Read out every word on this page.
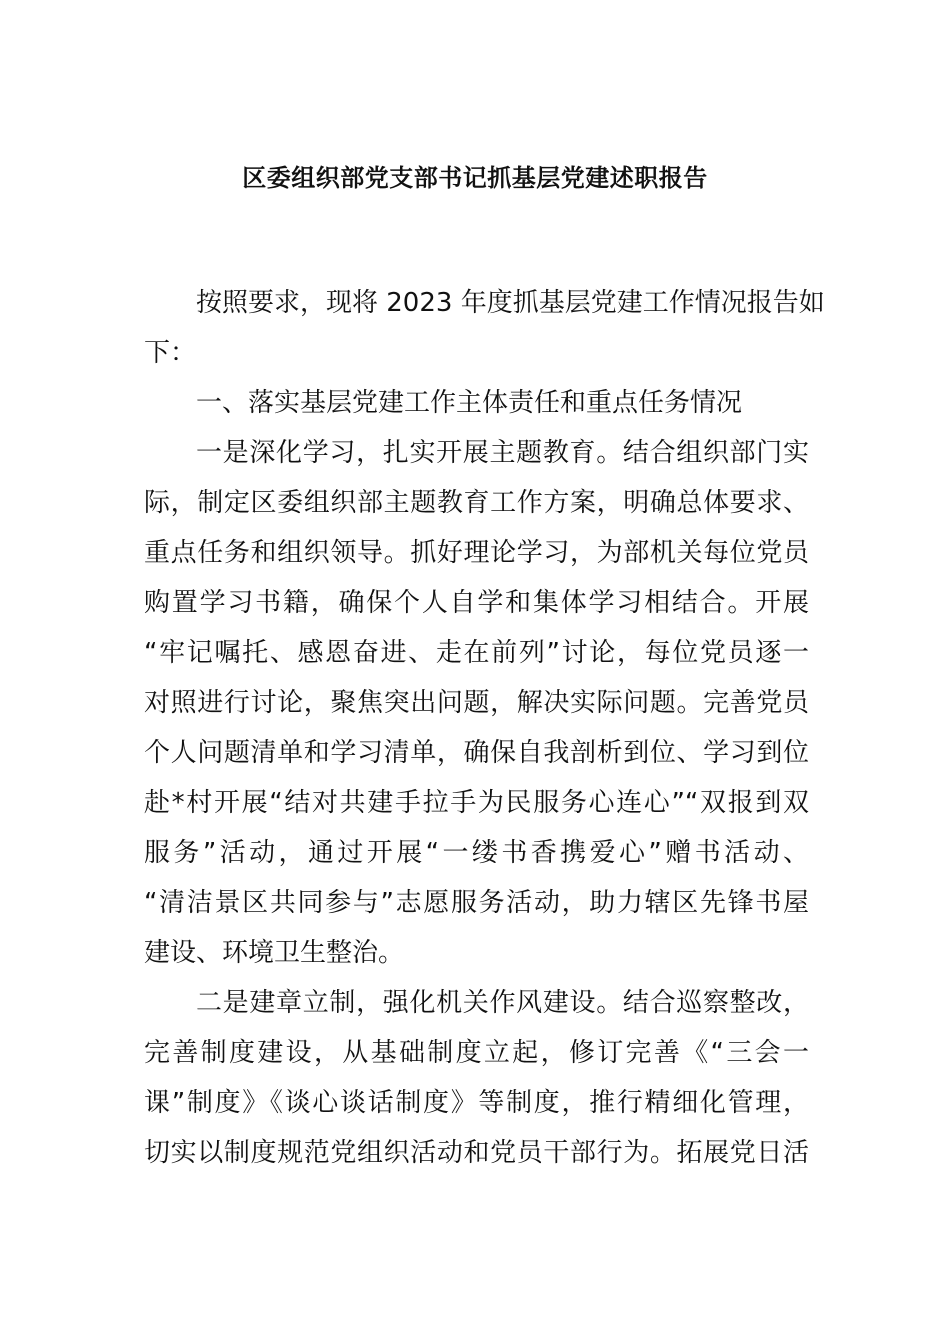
区委组织部党支部书记抓基层党建述职报告
按照要求，现将 2023 年度抓基层党建工作情况报告如
下：
一、落实基层党建工作主体责任和重点任务情况
一是深化学习，扎实开展主题教育。结合组织部门实
际，制定区委组织部主题教育工作方案，明确总体要求、
重点任务和组织领导。抓好理论学习，为部机关每位党员
购置学习书籍，确保个人自学和集体学习相结合。开展
“牢记嘱托、感恩奋进、走在前列”讨论，每位党员逐一
对照进行讨论，聚焦突出问题，解决实际问题。完善党员
个人问题清单和学习清单，确保自我剖析到位、学习到位
赴*村开展“结对共建手拉手为民服务心连心”“双报到双
服务”活动，通过开展“一缕书香携爱心”赠书活动、
“清洁景区共同参与”志愿服务活动，助力辖区先锋书屋
建设、环境卫生整治。
二是建章立制，强化机关作风建设。结合巡察整改，
完善制度建设，从基础制度立起，修订完善《“三会一
课”制度》《谈心谈话制度》等制度，推行精细化管理，
切实以制度规范党组织活动和党员干部行为。拓展党日活
